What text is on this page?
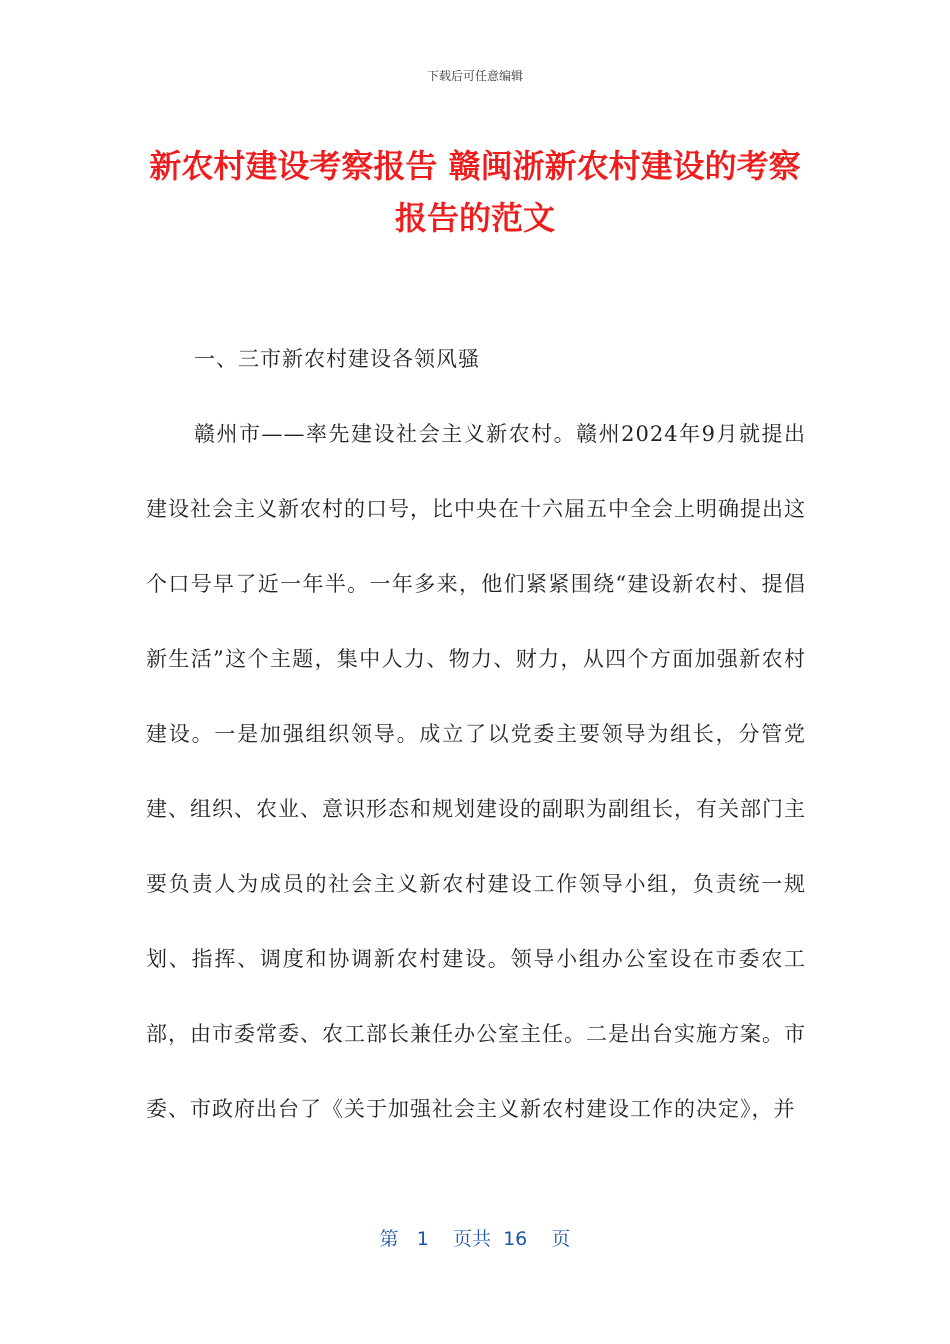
下载后可任意编辑
新农村建设考察报告 赣闽浙新农村建设的考察报告的范文

一、三市新农村建设各领风骚

赣州市——率先建设社会主义新农村。赣州2024年9月就提出建设社会主义新农村的口号，比中央在十六届五中全会上明确提出这个口号早了近一年半。一年多来，他们紧紧围绕“建设新农村、提倡新生活”这个主题，集中人力、物力、财力，从四个方面加强新农村建设。一是加强组织领导。成立了以党委主要领导为组长，分管党建、组织、农业、意识形态和规划建设的副职为副组长，有关部门主要负责人为成员的社会主义新农村建设工作领导小组，负责统一规划、指挥、调度和协调新农村建设。领导小组办公室设在市委农工部，由市委常委、农工部长兼任办公室主任。二是出台实施方案。市委、市政府出台了《关于加强社会主义新农村建设工作的决定》，并

第 1 页共 16 页
